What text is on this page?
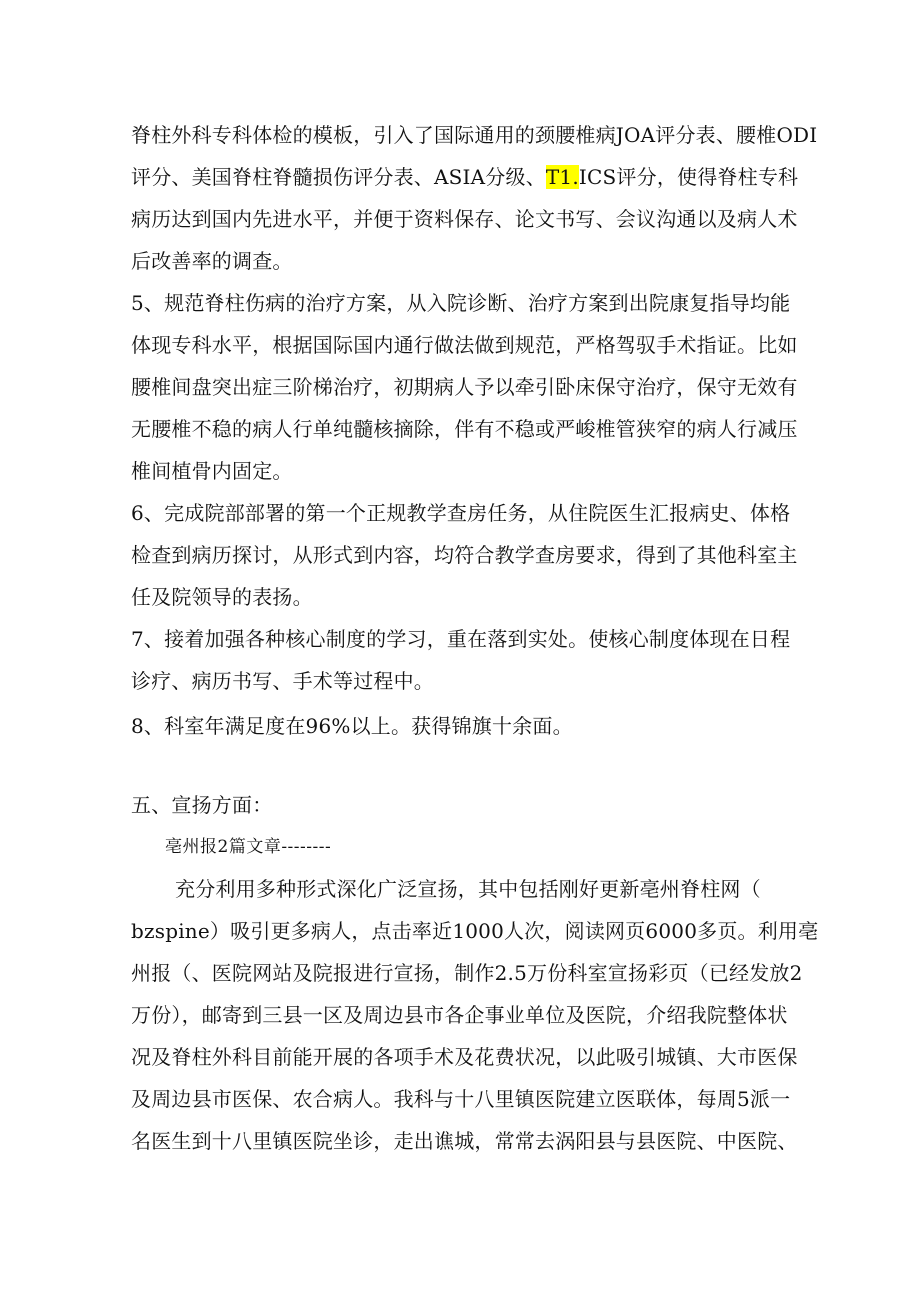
脊柱外科专科体检的模板，引入了国际通用的颈腰椎病JOA评分表、腰椎ODI
评分、美国脊柱脊髓损伤评分表、ASIA分级、T1.ICS评分，使得脊柱专科
病历达到国内先进水平，并便于资料保存、论文书写、会议沟通以及病人术
后改善率的调查。
5、规范脊柱伤病的治疗方案，从入院诊断、治疗方案到出院康复指导均能
体现专科水平，根据国际国内通行做法做到规范，严格驾驭手术指证。比如
腰椎间盘突出症三阶梯治疗，初期病人予以牵引卧床保守治疗，保守无效有
无腰椎不稳的病人行单纯髓核摘除，伴有不稳或严峻椎管狭窄的病人行减压
椎间植骨内固定。
6、完成院部部署的第一个正规教学查房任务，从住院医生汇报病史、体格
检查到病历探讨，从形式到内容，均符合教学查房要求，得到了其他科室主
任及院领导的表扬。
7、接着加强各种核心制度的学习，重在落到实处。使核心制度体现在日程
诊疗、病历书写、手术等过程中。
8、科室年满足度在96%以上。获得锦旗十余面。
五、宣扬方面：
亳州报2篇文章--------
充分利用多种形式深化广泛宣扬，其中包括刚好更新亳州脊柱网（
bzspine）吸引更多病人，点击率近1000人次，阅读网页6000多页。利用亳
州报（、医院网站及院报进行宣扬，制作2.5万份科室宣扬彩页（已经发放2
万份），邮寄到三县一区及周边县市各企事业单位及医院，介绍我院整体状
况及脊柱外科目前能开展的各项手术及花费状况，以此吸引城镇、大市医保
及周边县市医保、农合病人。我科与十八里镇医院建立医联体，每周5派一
名医生到十八里镇医院坐诊，走出谯城，常常去涡阳县与县医院、中医院、
